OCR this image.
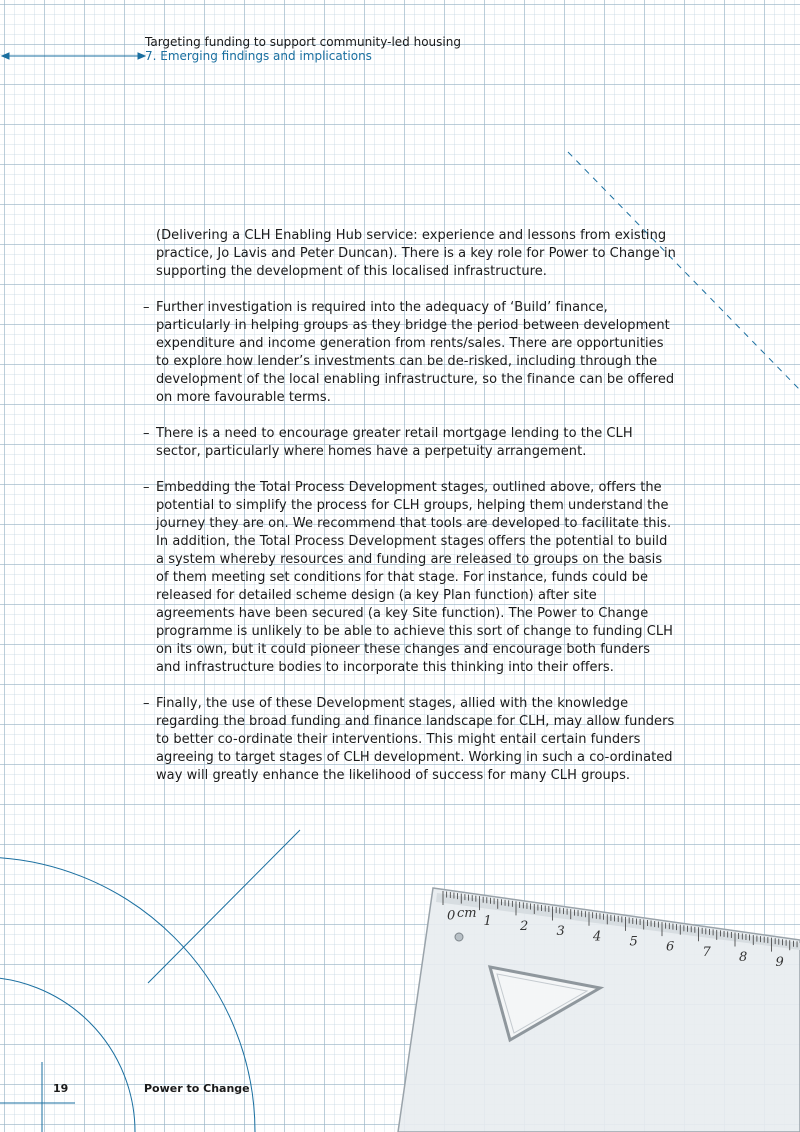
0 1 2 3 4 5 6 7 8 9
cm
Targeting funding to support community-led housing
7. Emerging findings and implications

(Delivering a CLH Enabling Hub service: experience and lessons from existing practice, Jo Lavis and Peter Duncan). There is a key role for Power to Change in supporting the development of this localised infrastructure.

– Further investigation is required into the adequacy of ‘Build’ finance, particularly in helping groups as they bridge the period between development expenditure and income generation from rents/sales. There are opportunities to explore how lender’s investments can be de-risked, including through the development of the local enabling infrastructure, so the finance can be offered on more favourable terms.
– There is a need to encourage greater retail mortgage lending to the CLH sector, particularly where homes have a perpetuity arrangement.
– Embedding the Total Process Development stages, outlined above, offers the potential to simplify the process for CLH groups, helping them understand the journey they are on. We recommend that tools are developed to facilitate this. In addition, the Total Process Development stages offers the potential to build a system whereby resources and funding are released to groups on the basis of them meeting set conditions for that stage. For instance, funds could be released for detailed scheme design (a key Plan function) after site agreements have been secured (a key Site function). The Power to Change programme is unlikely to be able to achieve this sort of change to funding CLH on its own, but it could pioneer these changes and encourage both funders and infrastructure bodies to incorporate this thinking into their offers.
– Finally, the use of these Development stages, allied with the knowledge regarding the broad funding and finance landscape for CLH, may allow funders to better co-ordinate their interventions. This might entail certain funders agreeing to target stages of CLH development. Working in such a co-ordinated way will greatly enhance the likelihood of success for many CLH groups.
19	Power to Change
